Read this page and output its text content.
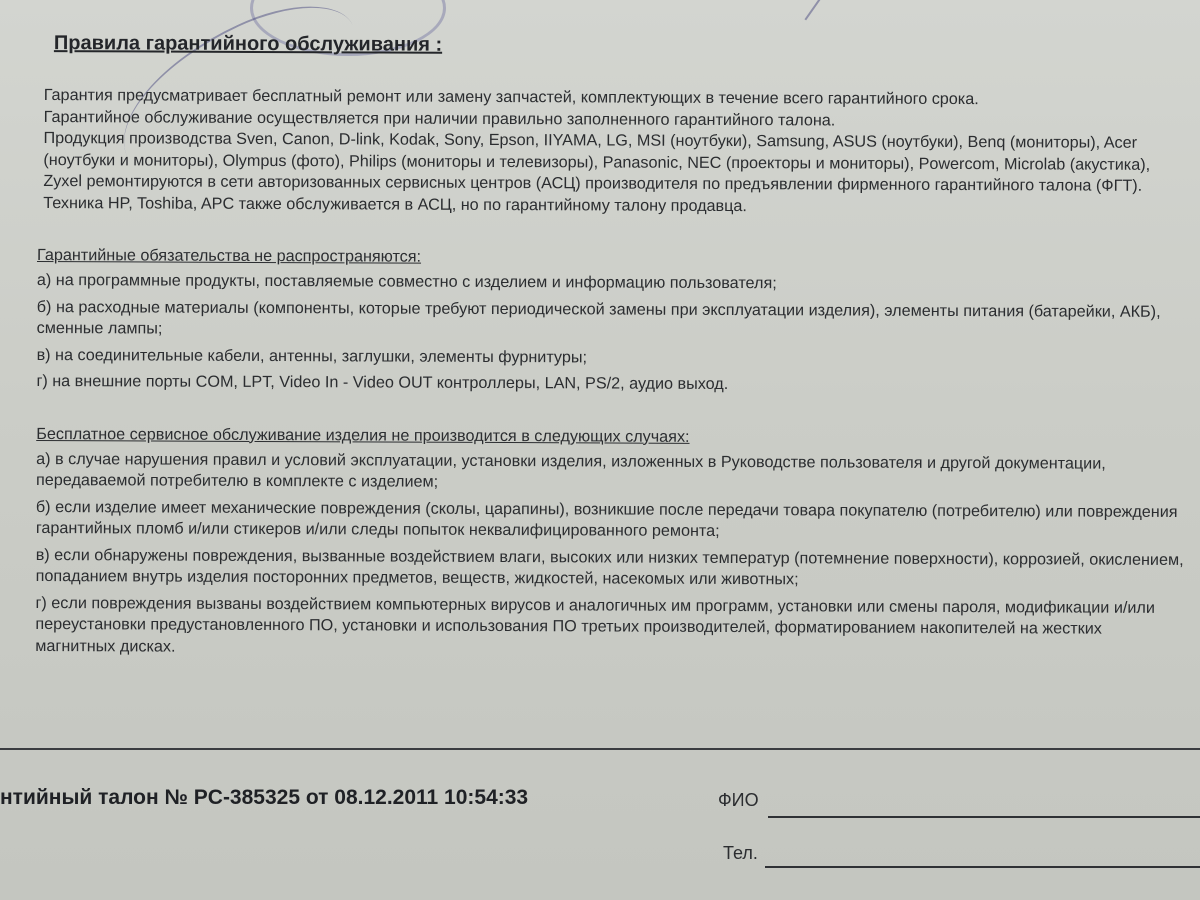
Правила гарантийного обслуживания :

Гарантия предусматривает бесплатный ремонт или замену запчастей, комплектующих в течение всего гарантийного срока.

Гарантийное обслуживание осуществляется при наличии правильно заполненного гарантийного талона.

Продукция производства Sven, Canon, D-link, Kodak, Sony, Epson, IIYAMA, LG, MSI (ноутбуки), Samsung, ASUS (ноутбуки), Benq (мониторы), Acer (ноутбуки и мониторы), Olympus (фото), Philips (мониторы и телевизоры), Panasonic, NEC (проекторы и мониторы), Powercom, Microlab (акустика), Zyxel ремонтируются в сети авторизованных сервисных центров (АСЦ) производителя по предъявлении фирменного гарантийного талона (ФГТ). Техника HP, Toshiba, APC также обслуживается в АСЦ, но по гарантийному талону продавца.

Гарантийные обязательства не распространяются:

а) на программные продукты, поставляемые совместно с изделием и информацию пользователя;

б) на расходные материалы (компоненты, которые требуют периодической замены при эксплуатации изделия), элементы питания (батарейки, АКБ), сменные лампы;

в) на соединительные кабели, антенны, заглушки, элементы фурнитуры;

г) на внешние порты COM, LPT, Video In - Video OUT контроллеры, LAN, PS/2, аудио выход.

Бесплатное сервисное обслуживание изделия не производится в следующих случаях:

а) в случае нарушения правил и условий эксплуатации, установки изделия, изложенных в Руководстве пользователя и другой документации, передаваемой потребителю в комплекте с изделием;

б) если изделие имеет механические повреждения (сколы, царапины), возникшие после передачи товара покупателю (потребителю) или повреждения гарантийных пломб и/или стикеров и/или следы попыток неквалифицированного ремонта;

в) если обнаружены повреждения, вызванные воздействием влаги, высоких или низких температур (потемнение поверхности), коррозией, окислением, попаданием внутрь изделия посторонних предметов, веществ, жидкостей, насекомых или животных;

г) если повреждения вызваны воздействием компьютерных вирусов и аналогичных им программ, установки или смены пароля, модификации и/или переустановки предустановленного ПО, установки и использования ПО третьих производителей, форматированием накопителей на жестких магнитных дисках.

нтийный талон № PC-385325 от 08.12.2011 10:54:33	ФИО
Тел.
